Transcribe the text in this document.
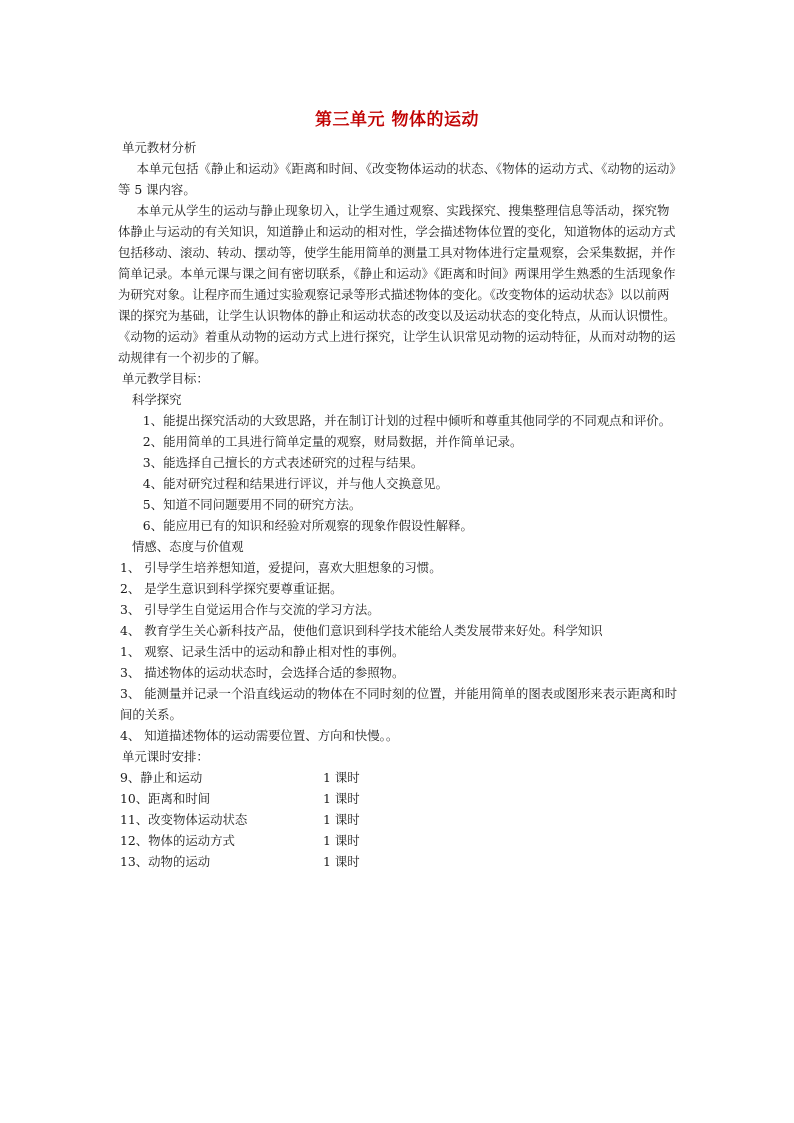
第三单元 物体的运动

单元教材分析

本单元包括《静止和运动》《距离和时间、《改变物体运动的状态、《物体的运动方式、《动物的运动》等 5 课内容。

本单元从学生的运动与静止现象切入，让学生通过观察、实践探究、搜集整理信息等活动，探究物体静止与运动的有关知识，知道静止和运动的相对性，学会描述物体位置的变化，知道物体的运动方式包括移动、滚动、转动、摆动等，使学生能用简单的测量工具对物体进行定量观察，会采集数据，并作简单记录。本单元课与课之间有密切联系，《静止和运动》《距离和时间》两课用学生熟悉的生活现象作为研究对象。让程序而生通过实验观察记录等形式描述物体的变化。《改变物体的运动状态》以以前两课的探究为基础，让学生认识物体的静止和运动状态的改变以及运动状态的变化特点，从而认识惯性。《动物的运动》着重从动物的运动方式上进行探究，让学生认识常见动物的运动特征，从而对动物的运动规律有一个初步的了解。

单元教学目标：

科学探究

1、能提出探究活动的大致思路，并在制订计划的过程中倾听和尊重其他同学的不同观点和评价。

2、能用简单的工具进行简单定量的观察，财局数据，并作简单记录。

3、能选择自己擅长的方式表述研究的过程与结果。

4、能对研究过程和结果进行评议，并与他人交换意见。

5、知道不同问题要用不同的研究方法。

6、能应用已有的知识和经验对所观察的现象作假设性解释。

情感、态度与价值观

1、 引导学生培养想知道，爱提问，喜欢大胆想象的习惯。

2、 是学生意识到科学探究要尊重证据。

3、 引导学生自觉运用合作与交流的学习方法。

4、 教育学生关心新科技产品，使他们意识到科学技术能给人类发展带来好处。科学知识

1、 观察、记录生活中的运动和静止相对性的事例。

3、 描述物体的运动状态时，会选择合适的参照物。

3、 能测量并记录一个沿直线运动的物体在不同时刻的位置，并能用简单的图表或图形来表示距离和时间的关系。

4、 知道描述物体的运动需要位置、方向和快慢。。

单元课时安排：

9、静止和运动	1 课时
10、距离和时间	1 课时
11、改变物体运动状态	1 课时
12、物体的运动方式	1 课时
13、动物的运动	1 课时
